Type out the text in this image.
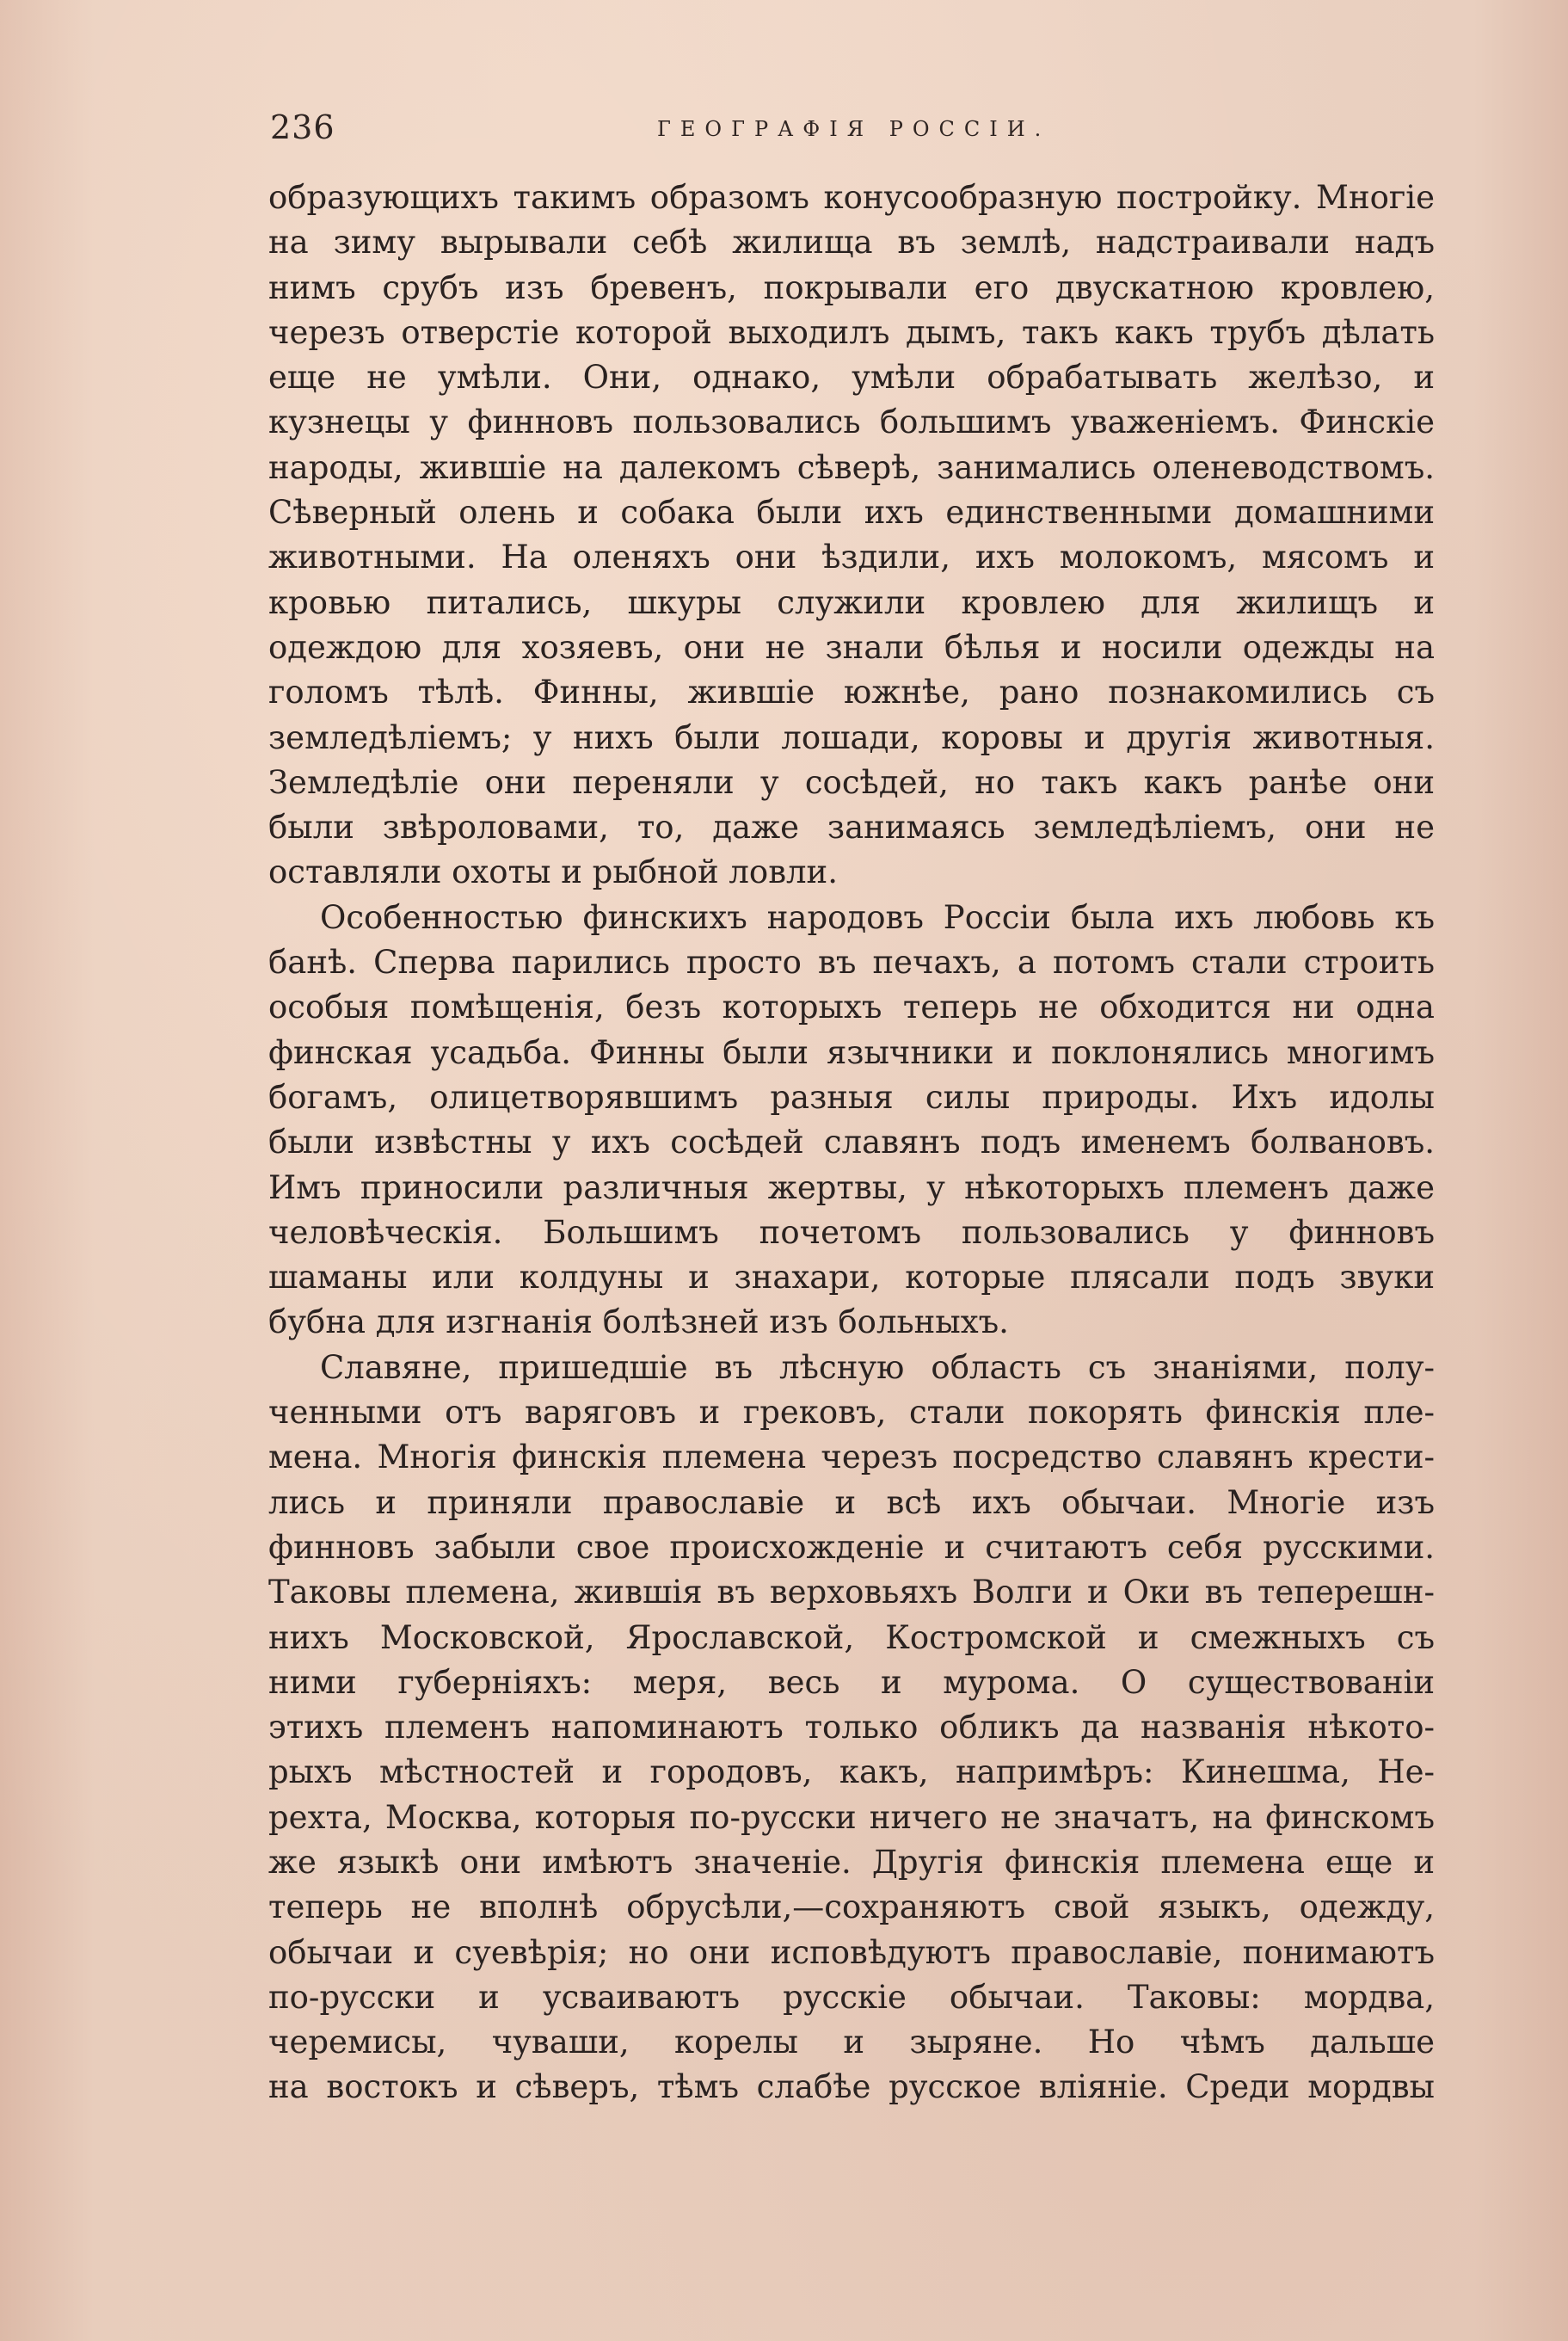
236	ГЕОГРАФІЯ РОССІИ.
образующихъ такимъ образомъ конусообразную постройку. Многіе
на зиму вырывали себѣ жилища въ землѣ, надстраивали надъ
нимъ срубъ изъ бревенъ, покрывали его двускатною кровлею,
черезъ отверстіе которой выходилъ дымъ, такъ какъ трубъ дѣлать
еще не умѣли. Они, однако, умѣли обрабатывать желѣзо, и
кузнецы у финновъ пользовались большимъ уваженіемъ. Финскіе
народы, жившіе на далекомъ сѣверѣ, занимались оленеводствомъ.
Сѣверный олень и собака были ихъ единственными домашними
животными. На оленяхъ они ѣздили, ихъ молокомъ, мясомъ и
кровью питались, шкуры служили кровлею для жилищъ и
одеждою для хозяевъ, они не знали бѣлья и носили одежды на
голомъ тѣлѣ. Финны, жившіе южнѣе, рано познакомились съ
земледѣліемъ; у нихъ были лошади, коровы и другія животныя.
Земледѣліе они переняли у сосѣдей, но такъ какъ ранѣе они
были звѣроловами, то, даже занимаясь земледѣліемъ, они не
оставляли охоты и рыбной ловли.
Особенностью финскихъ народовъ Россіи была ихъ любовь къ
банѣ. Сперва парились просто въ печахъ, а потомъ стали строить
особыя помѣщенія, безъ которыхъ теперь не обходится ни одна
финская усадьба. Финны были язычники и поклонялись многимъ
богамъ, олицетворявшимъ разныя силы природы. Ихъ идолы
были извѣстны у ихъ сосѣдей славянъ подъ именемъ болвановъ.
Имъ приносили различныя жертвы, у нѣкоторыхъ племенъ даже
человѣческія. Большимъ почетомъ пользовались у финновъ
шаманы или колдуны и знахари, которые плясали подъ звуки
бубна для изгнанія болѣзней изъ больныхъ.
Славяне, пришедшіе въ лѣсную область съ знаніями, полу-
ченными отъ варяговъ и грековъ, стали покорять финскія пле-
мена. Многія финскія племена черезъ посредство славянъ крести-
лись и приняли православіе и всѣ ихъ обычаи. Многіе изъ
финновъ забыли свое происхожденіе и считаютъ себя русскими.
Таковы племена, жившія въ верховьяхъ Волги и Оки въ теперешн-
нихъ Московской, Ярославской, Костромской и смежныхъ съ
ними губерніяхъ: меря, весь и мурома. О существованіи
этихъ племенъ напоминаютъ только обликъ да названія нѣкото-
рыхъ мѣстностей и городовъ, какъ, напримѣръ: Кинешма, Не-
рехта, Москва, которыя по-русски ничего не значатъ, на финскомъ
же языкѣ они имѣютъ значеніе. Другія финскія племена еще и
теперь не вполнѣ обрусѣли,—сохраняютъ свой языкъ, одежду,
обычаи и суевѣрія; но они исповѣдуютъ православіе, понимаютъ
по-русски и усваиваютъ русскіе обычаи. Таковы: мордва,
черемисы, чуваши, корелы и зыряне. Но чѣмъ дальше
на востокъ и сѣверъ, тѣмъ слабѣе русское вліяніе. Среди мордвы
